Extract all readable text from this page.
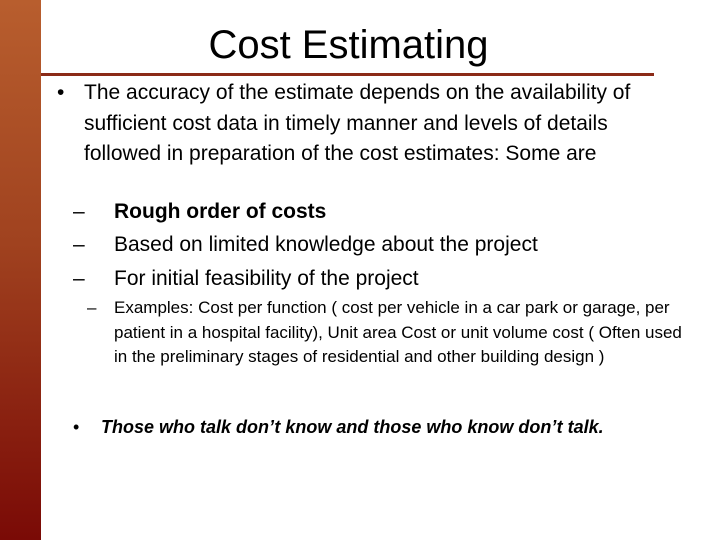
Cost Estimating
• The accuracy of the estimate depends on the availability of sufficient cost data in timely manner and levels of details followed in preparation of the cost estimates: Some are
– Rough order of costs
– Based on limited knowledge about the project
– For initial feasibility of the project
– Examples: Cost per function ( cost per vehicle in a car park or garage, per patient in a hospital facility), Unit area Cost or unit volume cost ( Often used in the preliminary stages of residential and other building design )
• Those who talk don’t know and those who know don’t talk.
